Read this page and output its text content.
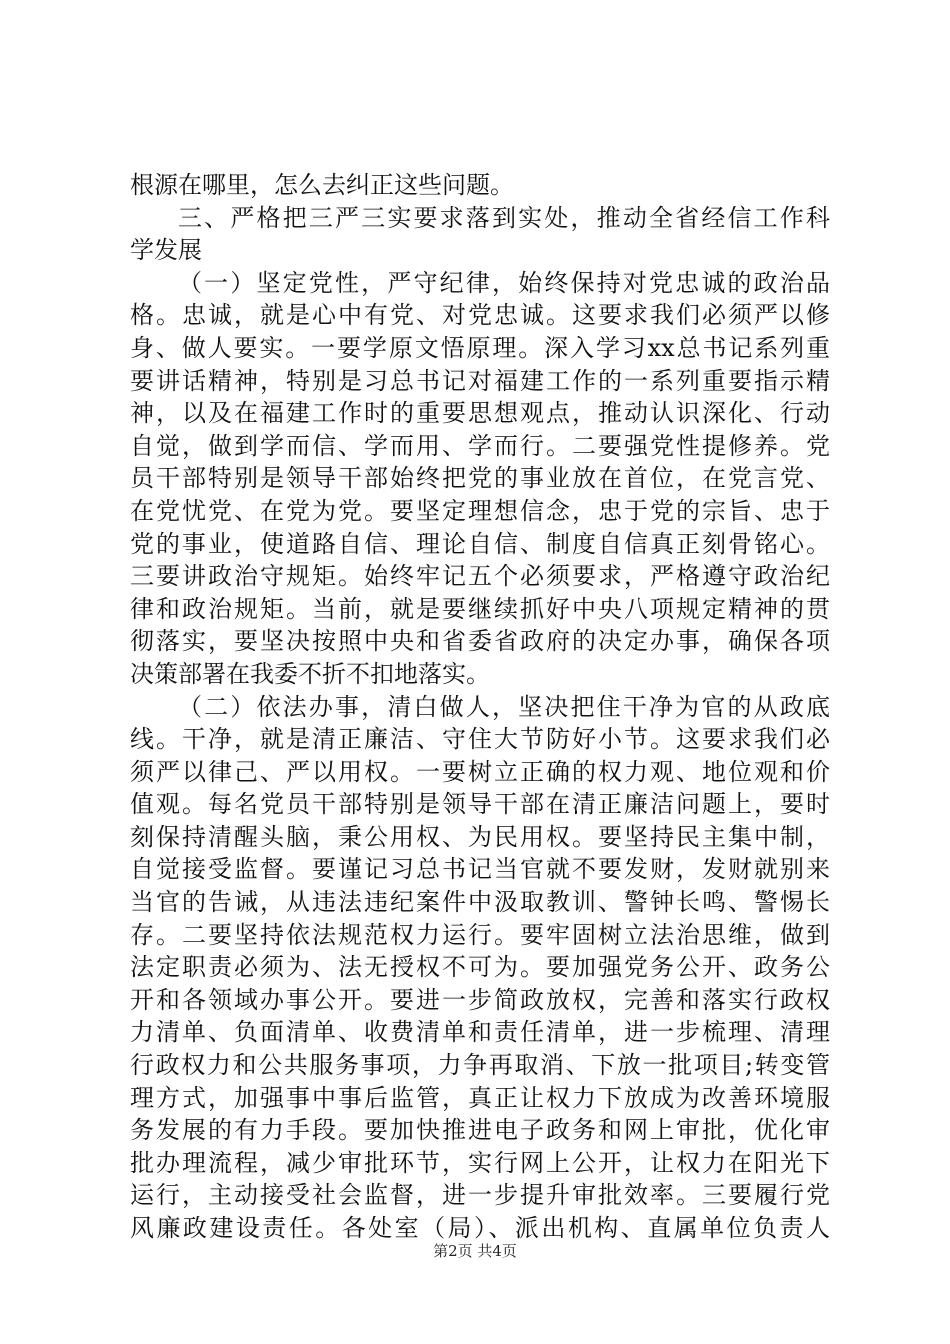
根源在哪里，怎么去纠正这些问题。
三、严格把三严三实要求落到实处，推动全省经信工作科
学发展
（一）坚定党性，严守纪律，始终保持对党忠诚的政治品
格。忠诚，就是心中有党、对党忠诚。这要求我们必须严以修
身、做人要实。一要学原文悟原理。深入学习xx总书记系列重
要讲话精神，特别是习总书记对福建工作的一系列重要指示精
神，以及在福建工作时的重要思想观点，推动认识深化、行动
自觉，做到学而信、学而用、学而行。二要强党性提修养。党
员干部特别是领导干部始终把党的事业放在首位，在党言党、
在党忧党、在党为党。要坚定理想信念，忠于党的宗旨、忠于
党的事业，使道路自信、理论自信、制度自信真正刻骨铭心。
三要讲政治守规矩。始终牢记五个必须要求，严格遵守政治纪
律和政治规矩。当前，就是要继续抓好中央八项规定精神的贯
彻落实，要坚决按照中央和省委省政府的决定办事，确保各项
决策部署在我委不折不扣地落实。
（二）依法办事，清白做人，坚决把住干净为官的从政底
线。干净，就是清正廉洁、守住大节防好小节。这要求我们必
须严以律己、严以用权。一要树立正确的权力观、地位观和价
值观。每名党员干部特别是领导干部在清正廉洁问题上，要时
刻保持清醒头脑，秉公用权、为民用权。要坚持民主集中制，
自觉接受监督。要谨记习总书记当官就不要发财，发财就别来
当官的告诫，从违法违纪案件中汲取教训、警钟长鸣、警惕长
存。二要坚持依法规范权力运行。要牢固树立法治思维，做到
法定职责必须为、法无授权不可为。要加强党务公开、政务公
开和各领域办事公开。要进一步简政放权，完善和落实行政权
力清单、负面清单、收费清单和责任清单，进一步梳理、清理
行政权力和公共服务事项，力争再取消、下放一批项目;转变管
理方式，加强事中事后监管，真正让权力下放成为改善环境服
务发展的有力手段。要加快推进电子政务和网上审批，优化审
批办理流程，减少审批环节，实行网上公开，让权力在阳光下
运行，主动接受社会监督，进一步提升审批效率。三要履行党
风廉政建设责任。各处室（局）、派出机构、直属单位负责人
第2页 共4页
